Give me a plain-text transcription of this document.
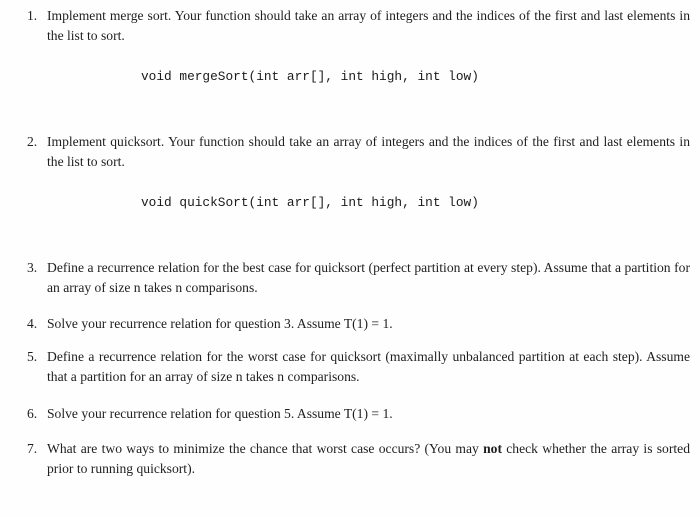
1. Implement merge sort. Your function should take an array of integers and the indices of the first and last elements in the list to sort.
void mergeSort(int arr[], int high, int low)
2. Implement quicksort. Your function should take an array of integers and the indices of the first and last elements in the list to sort.
void quickSort(int arr[], int high, int low)
3. Define a recurrence relation for the best case for quicksort (perfect partition at every step). Assume that a partition for an array of size n takes n comparisons.
4. Solve your recurrence relation for question 3. Assume T(1) = 1.
5. Define a recurrence relation for the worst case for quicksort (maximally unbalanced partition at each step). Assume that a partition for an array of size n takes n comparisons.
6. Solve your recurrence relation for question 5. Assume T(1) = 1.
7. What are two ways to minimize the chance that worst case occurs? (You may not check whether the array is sorted prior to running quicksort).
